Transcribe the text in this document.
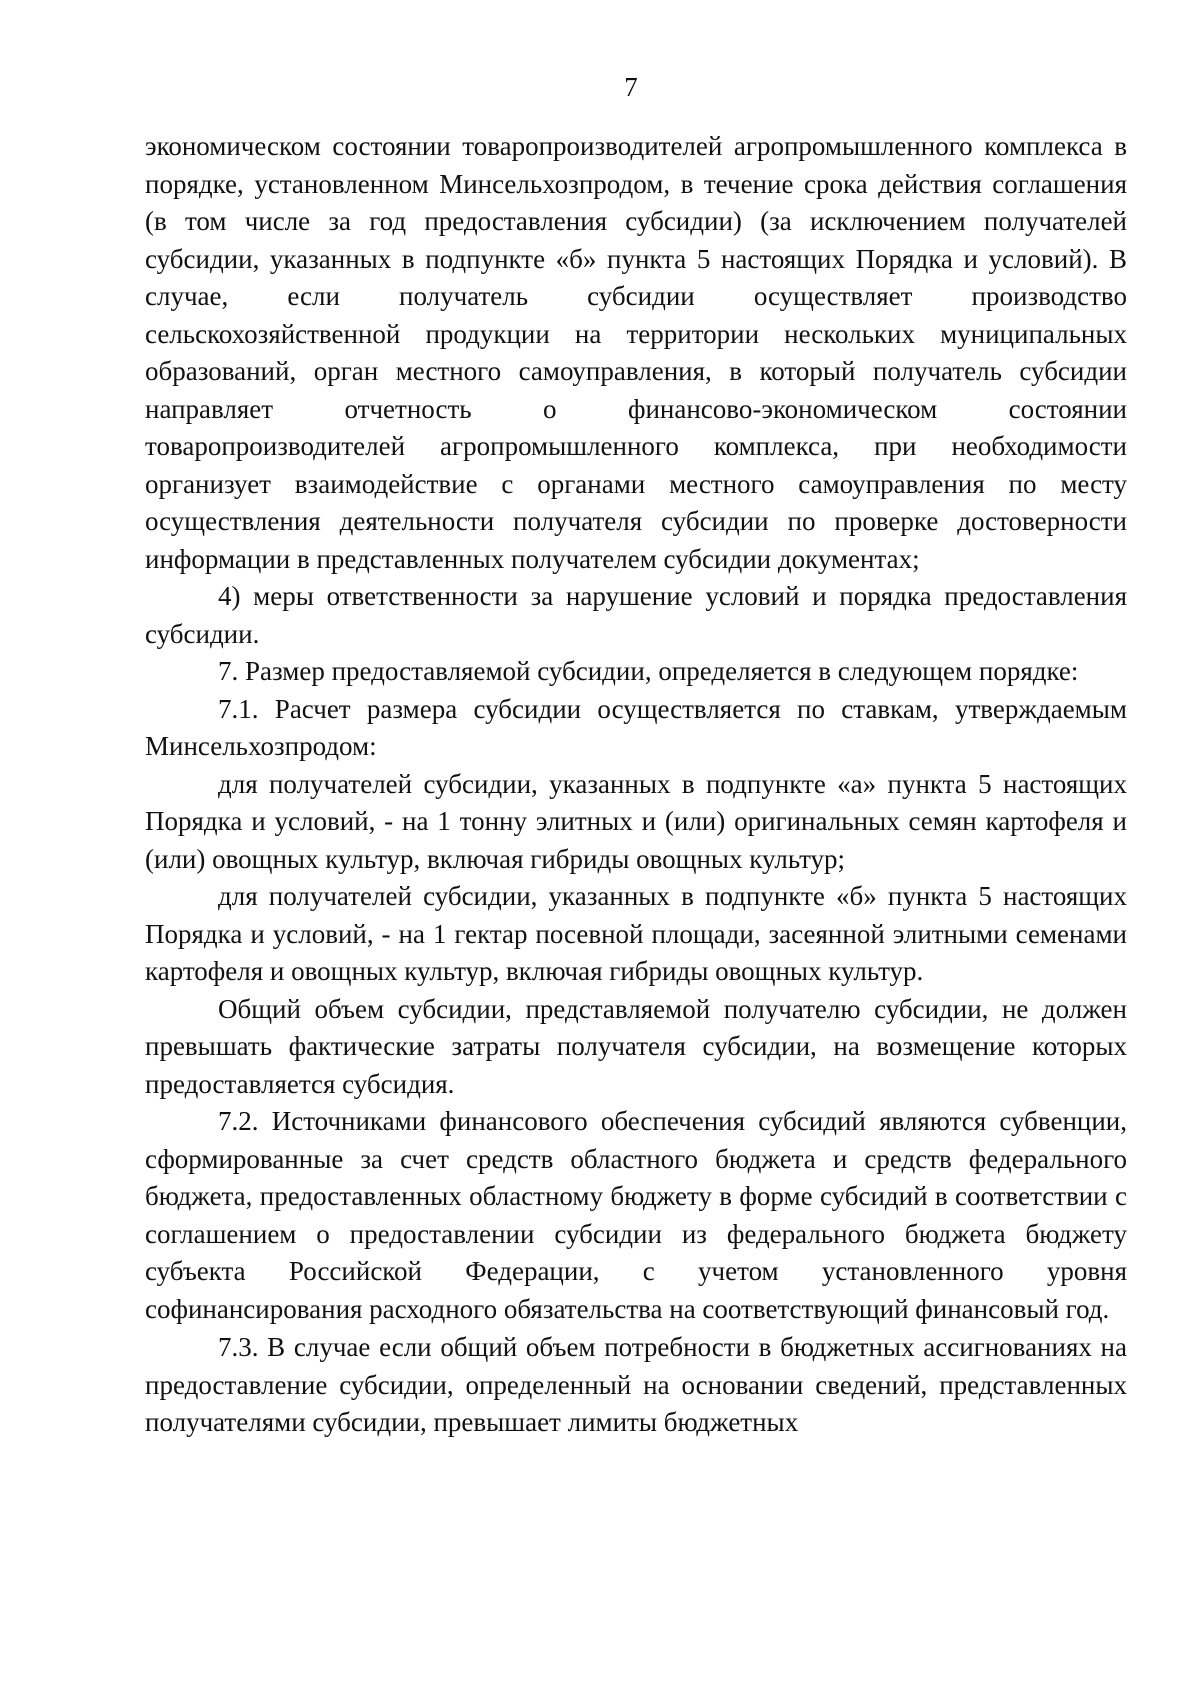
7

экономическом состоянии товаропроизводителей агропромышленного комплекса в порядке, установленном Минсельхозпродом, в течение срока действия соглашения (в том числе за год предоставления субсидии) (за исключением получателей субсидии, указанных в подпункте «б» пункта 5 настоящих Порядка и условий). В случае, если получатель субсидии осуществляет производство сельскохозяйственной продукции на территории нескольких муниципальных образований, орган местного самоуправления, в который получатель субсидии направляет отчетность о финансово-экономическом состоянии товаропроизводителей агропромышленного комплекса, при необходимости организует взаимодействие с органами местного самоуправления по месту осуществления деятельности получателя субсидии по проверке достоверности информации в представленных получателем субсидии документах;

4) меры ответственности за нарушение условий и порядка предоставления субсидии.

7. Размер предоставляемой субсидии, определяется в следующем порядке:

7.1. Расчет размера субсидии осуществляется по ставкам, утверждаемым Минсельхозпродом:

для получателей субсидии, указанных в подпункте «а» пункта 5 настоящих Порядка и условий, - на 1 тонну элитных и (или) оригинальных семян картофеля и (или) овощных культур, включая гибриды овощных культур;

для получателей субсидии, указанных в подпункте «б» пункта 5 настоящих Порядка и условий, - на 1 гектар посевной площади, засеянной элитными семенами картофеля и овощных культур, включая гибриды овощных культур.

Общий объем субсидии, представляемой получателю субсидии, не должен превышать фактические затраты получателя субсидии, на возмещение которых предоставляется субсидия.

7.2. Источниками финансового обеспечения субсидий являются субвенции, сформированные за счет средств областного бюджета и средств федерального бюджета, предоставленных областному бюджету в форме субсидий в соответствии с соглашением о предоставлении субсидии из федерального бюджета бюджету субъекта Российской Федерации, с учетом установленного уровня софинансирования расходного обязательства на соответствующий финансовый год.

7.3. В случае если общий объем потребности в бюджетных ассигнованиях на предоставление субсидии, определенный на основании сведений, представленных получателями субсидии, превышает лимиты бюджетных
